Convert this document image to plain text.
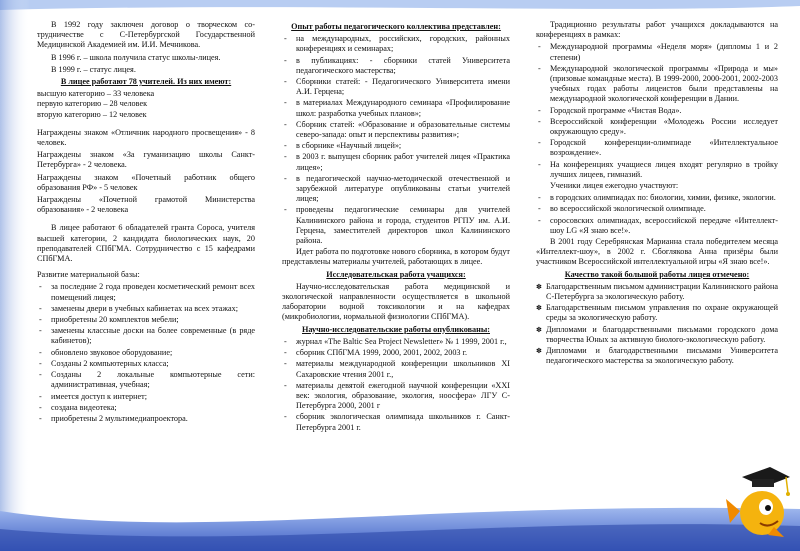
В 1992 году заключен договор о творческом со-трудничестве с С-Петербургской Государственной Медицинской Академией им. И.И. Мечникова.

В 1996 г. – школа получила статус школы-лицея.

В 1999 г. – статус лицея.

В лицее работают 78 учителей. Из них имеют:
высшую категорию – 33 человека
первую категорию – 28 человек
вторую категорию – 12 человек

Награждены знаком «Отличник народного просвещения» - 8 человек.

Награждены знаком «За гуманизацию школы Санкт-Петербурга» - 2 человека.

Награждены знаком «Почетный работник общего образования РФ» - 5 человек

Награждены «Почетной грамотой Министерства образования» - 2 человека

В лицее работают 6 обладателей гранта Сороса, учителя высшей категории, 2 кандидата биологических наук, 20 преподавателей СПбГМА. Сотрудничество с 15 кафедрами СПбГМА.

Развитие материальной базы:

- за последние 2 года проведен косметический ремонт всех помещений лицея;
- заменены двери в учебных кабинетах на всех этажах;
- приобретены 20 комплектов мебели;
- заменены классные доски на более современные (в ряде кабинетов);
- обновлено звуковое оборудование;
- Созданы 2 компьютерных класса;
- Созданы 2 локальные компьютерные сети: административная, учебная;
- имеется доступ к интернет;
- создана видеотека;
- приобретены 2 мультимедиапроектора.
Опыт работы педагогического коллектива представлен:
- на международных, российских, городских, районных конференциях и семинарах;
- в публикациях: - сборники статей Университета педагогического мастерства;
- Сборники статей: - Педагогического Университета имени А.И. Герцена;
- в материалах Международного семинара «Профилирование школ: разработка учебных планов»;
- Сборник статей: «Образование и образовательные системы северо-запада: опыт и перспективы развития»;
- в сборнике «Научный лицей»;
- в 2003 г. выпущен сборник работ учителей лицея «Практика лицея»;
- в педагогической научно-методической отечественной и зарубежной литературе опубликованы статьи учителей лицея;
- проведены педагогические семинары для учителей Калининского района и города, студентов РГПУ им. А.И. Герцена, заместителей директоров школ Калининского района.

Идет работа по подготовке нового сборника, в котором будут представлены материалы учителей, работающих в лицее.

Исследовательская работа учащихся:

Научно-исследовательская работа медицинской и экологической направленности осуществляется в школьной лаборатории водной токсикологии и на кафедрах (микробиологии, нормальной физиологии СПбГМА).

Научно-исследовательские работы опубликованы:
- журнал «The Baltic Sea Project Newsletter» № 1 1999, 2001 г.,
- сборник СПбГМА 1999, 2000, 2001, 2002, 2003 г.
- материалы международной конференции школьников XI Сахаровские чтения 2001 г.,
- материалы девятой ежегодной научной конференции «XXI век: экология, образование, экология, ноосфера» ЛГУ С-Петербурга 2000, 2001 г
- сборник экологическая олимпиада школьников г. Санкт-Петербурга 2001 г.

Традиционно результаты работ учащихся докладываются на конференциях в рамках:

- Международной программы «Неделя моря» (дипломы 1 и 2 степени)
- Международной экологической программы «Природа и мы» (призовые командные места). В 1999-2000, 2000-2001, 2002-2003 учебных годах работы лицеистов были представлены на международной экологической конференции в Дании.
- Городской программе «Чистая Вода».
- Всероссийской конференции «Молодежь России исследует окружающую среду».
- Городской конференции-олимпиаде «Интеллектуальное возрождение».
- На конференциях учащиеся лицея входят регулярно в тройку лучших лицеев, гимназий.

Ученики лицея ежегодно участвуют:

- в городских олимпиадах по: биологии, химии, физике, экологии.
- во всероссийской экологической олимпиаде.
- соросовских олимпиадах, всероссийской передаче «Интеллект-шоу LG «Я знаю все!».

В 2001 году Серебрянская Марианна стала победителем месяца «Интеллект-шоу», в 2002 г. Сбоглякова Анна призёры были участником Всероссийской интеллектуальной игры «Я знаю все!».

Качество такой большой работы лицея отмечено:
✽ Благодарственным письмом администрации Калининского района С-Петербурга за экологическую работу.
✽ Благодарственным письмом управления по охране окружающей среды за экологическую работу.
✽ Дипломами и благодарственными письмами городского дома творчества Юных за активную биолого-экологическую работу.
✽ Дипломами и благодарственными письмами Университета педагогического мастерства за экологическую работу.
